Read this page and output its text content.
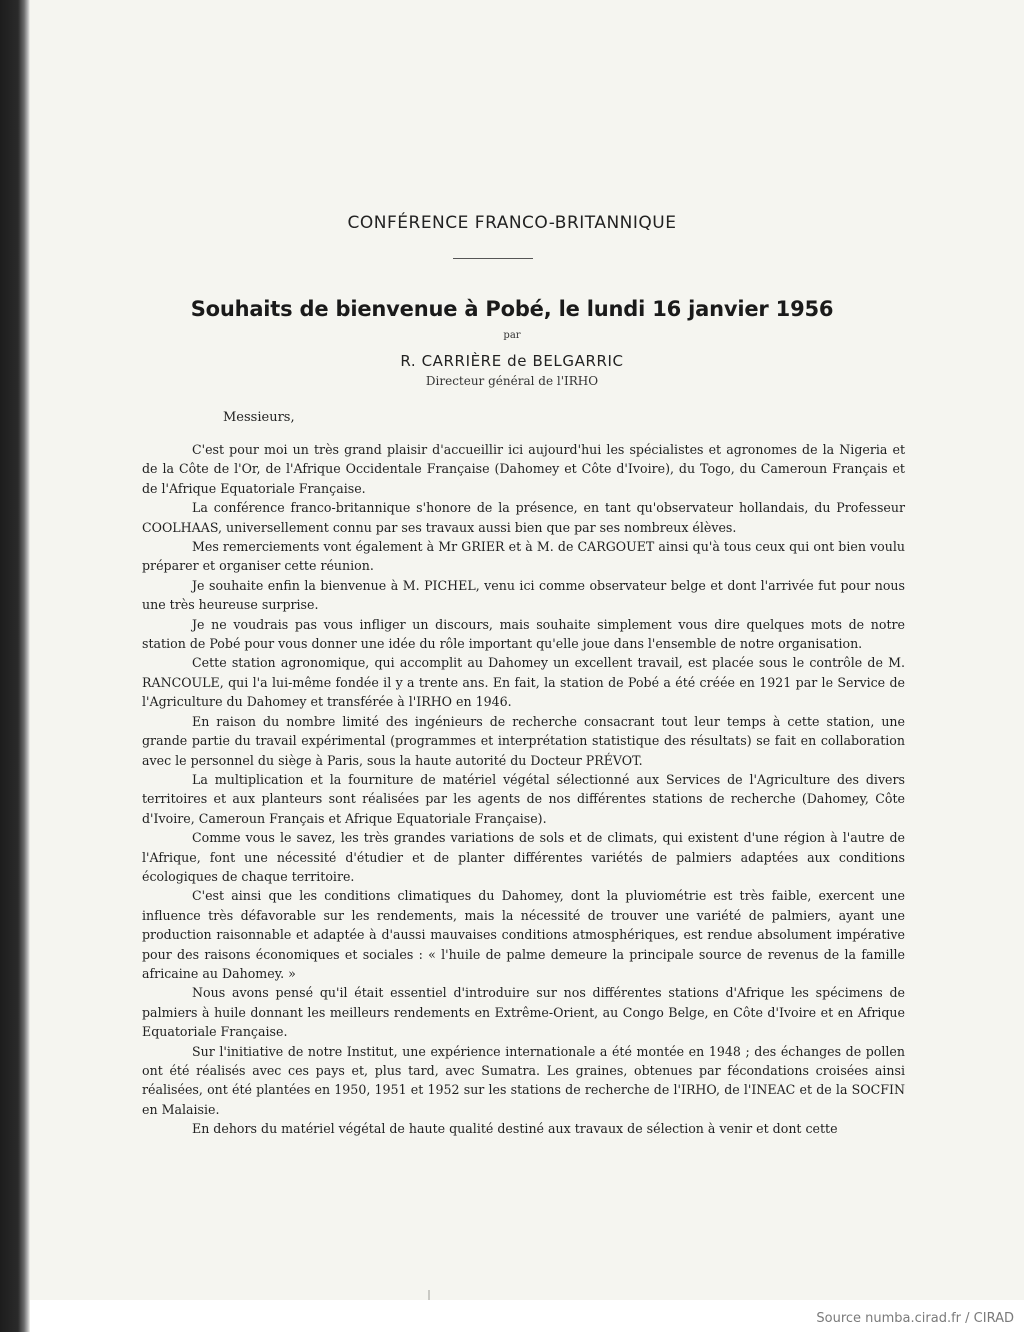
CONFÉRENCE FRANCO-BRITANNIQUE
Souhaits de bienvenue à Pobé, le lundi 16 janvier 1956
par
R. CARRIÈRE de BELGARRIC
Directeur général de l'IRHO
Messieurs,

C'est pour moi un très grand plaisir d'accueillir ici aujourd'hui les spécialistes et agronomes de la Nigeria et de la Côte de l'Or, de l'Afrique Occidentale Française (Dahomey et Côte d'Ivoire), du Togo, du Cameroun Français et de l'Afrique Equatoriale Française.

La conférence franco-britannique s'honore de la présence, en tant qu'observateur hollandais, du Professeur COOLHAAS, universellement connu par ses travaux aussi bien que par ses nombreux élèves.

Mes remerciements vont également à Mr GRIER et à M. de CARGOUET ainsi qu'à tous ceux qui ont bien voulu préparer et organiser cette réunion.

Je souhaite enfin la bienvenue à M. PICHEL, venu ici comme observateur belge et dont l'arrivée fut pour nous une très heureuse surprise.

Je ne voudrais pas vous infliger un discours, mais souhaite simplement vous dire quelques mots de notre station de Pobé pour vous donner une idée du rôle important qu'elle joue dans l'ensemble de notre organisation.

Cette station agronomique, qui accomplit au Dahomey un excellent travail, est placée sous le contrôle de M. RANCOULE, qui l'a lui-même fondée il y a trente ans. En fait, la station de Pobé a été créée en 1921 par le Service de l'Agriculture du Dahomey et transférée à l'IRHO en 1946.

En raison du nombre limité des ingénieurs de recherche consacrant tout leur temps à cette station, une grande partie du travail expérimental (programmes et interprétation statistique des résultats) se fait en collaboration avec le personnel du siège à Paris, sous la haute autorité du Docteur PRÉVOT.

La multiplication et la fourniture de matériel végétal sélectionné aux Services de l'Agriculture des divers territoires et aux planteurs sont réalisées par les agents de nos différentes stations de recherche (Dahomey, Côte d'Ivoire, Cameroun Français et Afrique Equatoriale Française).

Comme vous le savez, les très grandes variations de sols et de climats, qui existent d'une région à l'autre de l'Afrique, font une nécessité d'étudier et de planter différentes variétés de palmiers adaptées aux conditions écologiques de chaque territoire.

C'est ainsi que les conditions climatiques du Dahomey, dont la pluviométrie est très faible, exercent une influence très défavorable sur les rendements, mais la nécessité de trouver une variété de palmiers, ayant une production raisonnable et adaptée à d'aussi mauvaises conditions atmosphériques, est rendue absolument impérative pour des raisons économiques et sociales : « l'huile de palme demeure la principale source de revenus de la famille africaine au Dahomey. »

Nous avons pensé qu'il était essentiel d'introduire sur nos différentes stations d'Afrique les spécimens de palmiers à huile donnant les meilleurs rendements en Extrême-Orient, au Congo Belge, en Côte d'Ivoire et en Afrique Equatoriale Française.

Sur l'initiative de notre Institut, une expérience internationale a été montée en 1948 ; des échanges de pollen ont été réalisés avec ces pays et, plus tard, avec Sumatra. Les graines, obtenues par fécondations croisées ainsi réalisées, ont été plantées en 1950, 1951 et 1952 sur les stations de recherche de l'IRHO, de l'INEAC et de la SOCFIN en Malaisie.

En dehors du matériel végétal de haute qualité destiné aux travaux de sélection à venir et dont cette

Source numba.cirad.fr / CIRAD
